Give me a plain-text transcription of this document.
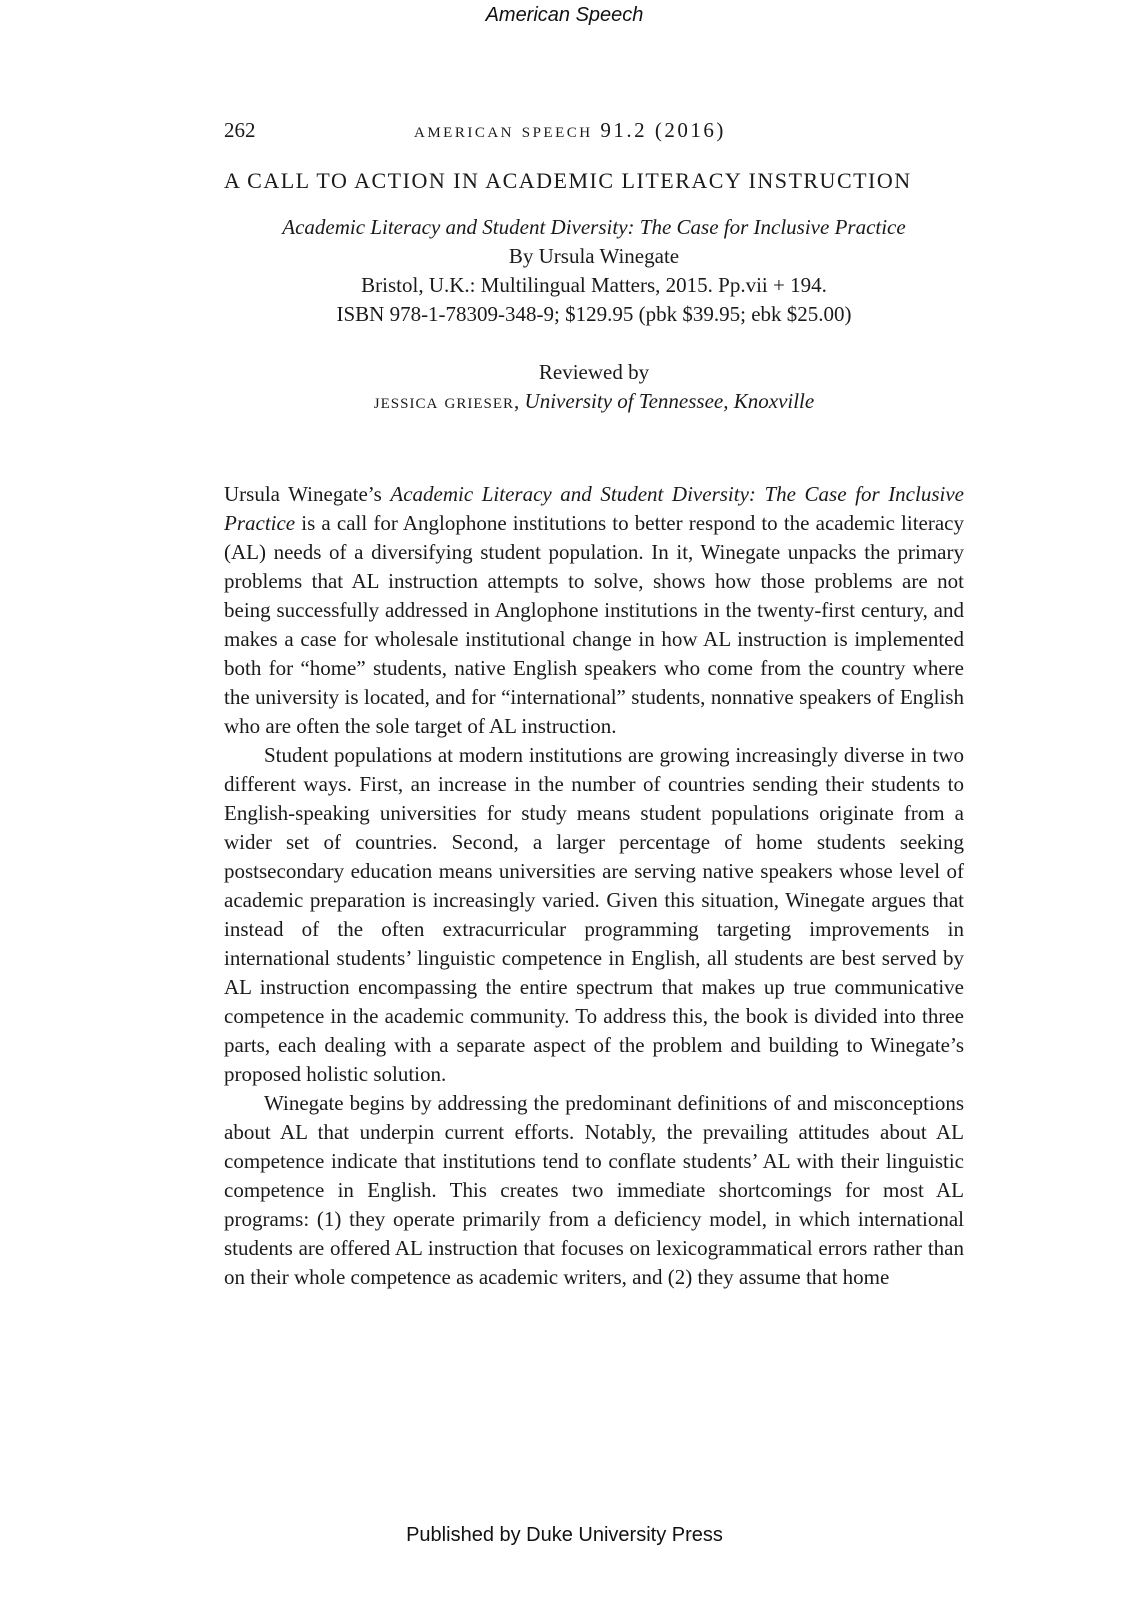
American Speech
262	american speech 91.2 (2016)
A CALL TO ACTION IN ACADEMIC LITERACY INSTRUCTION
Academic Literacy and Student Diversity: The Case for Inclusive Practice
By Ursula Winegate
Bristol, U.K.: Multilingual Matters, 2015. Pp.vii + 194.
ISBN 978-1-78309-348-9; $129.95 (pbk $39.95; ebk $25.00)
Reviewed by
jessica grieser, University of Tennessee, Knoxville

Ursula Winegate’s Academic Literacy and Student Diversity: The Case for Inclusive Practice is a call for Anglophone institutions to better respond to the academic literacy (AL) needs of a diversifying student population. In it, Winegate unpacks the primary problems that AL instruction attempts to solve, shows how those problems are not being successfully addressed in Anglophone institutions in the twenty-first century, and makes a case for wholesale institutional change in how AL instruction is implemented both for “home” students, native English speakers who come from the country where the university is located, and for “international” students, nonnative speakers of English who are often the sole target of AL instruction.

Student populations at modern institutions are growing increasingly diverse in two different ways. First, an increase in the number of countries sending their students to English-speaking universities for study means student populations originate from a wider set of countries. Second, a larger percentage of home students seeking postsecondary education means universities are serving native speakers whose level of academic preparation is increasingly varied. Given this situation, Winegate argues that instead of the often extracurricular programming targeting improvements in international students’ linguistic competence in English, all students are best served by AL instruction encompassing the entire spectrum that makes up true communicative competence in the academic community. To address this, the book is divided into three parts, each dealing with a separate aspect of the problem and building to Winegate’s proposed holistic solution.

Winegate begins by addressing the predominant definitions of and misconceptions about AL that underpin current efforts. Notably, the prevailing attitudes about AL competence indicate that institutions tend to conflate students’ AL with their linguistic competence in English. This creates two immediate shortcomings for most AL programs: (1) they operate primarily from a deficiency model, in which international students are offered AL instruction that focuses on lexicogrammatical errors rather than on their whole competence as academic writers, and (2) they assume that home

Published by Duke University Press
